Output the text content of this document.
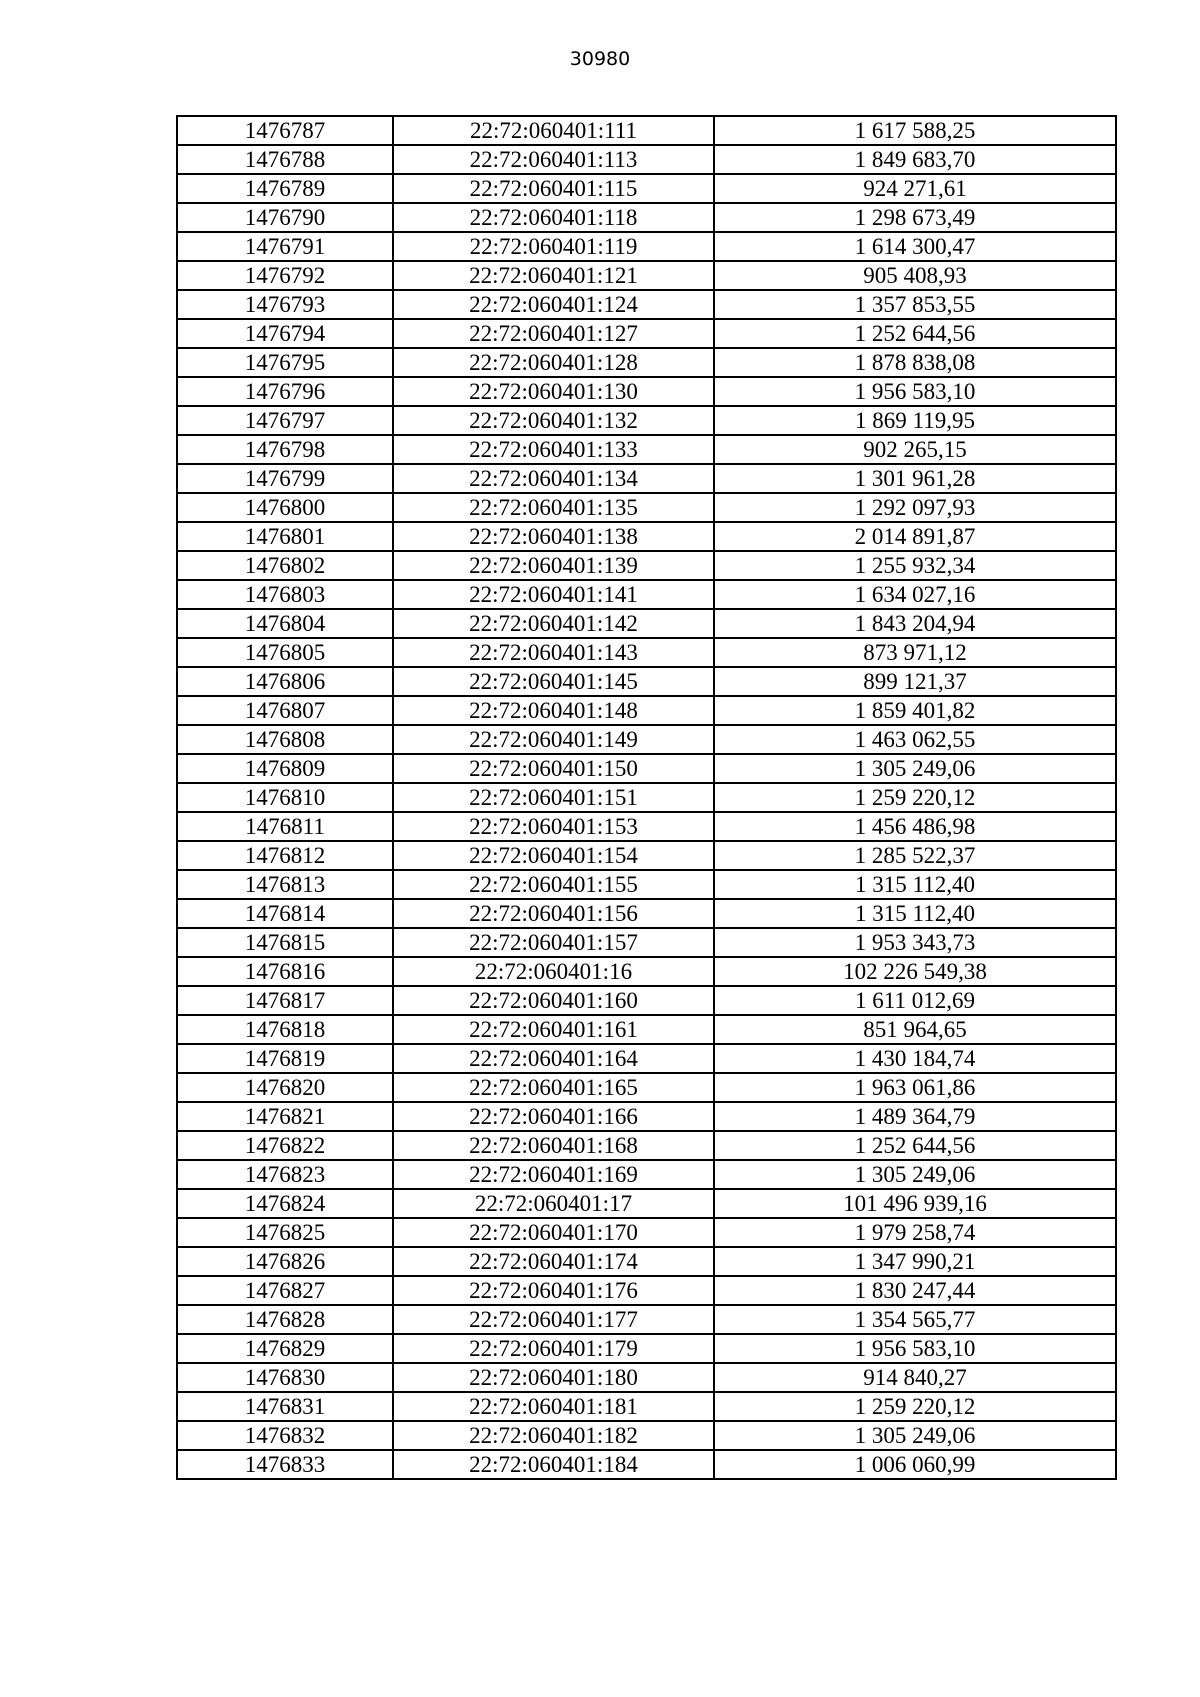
30980
1476787	22:72:060401:111	1 617 588,25
1476788	22:72:060401:113	1 849 683,70
1476789	22:72:060401:115	924 271,61
1476790	22:72:060401:118	1 298 673,49
1476791	22:72:060401:119	1 614 300,47
1476792	22:72:060401:121	905 408,93
1476793	22:72:060401:124	1 357 853,55
1476794	22:72:060401:127	1 252 644,56
1476795	22:72:060401:128	1 878 838,08
1476796	22:72:060401:130	1 956 583,10
1476797	22:72:060401:132	1 869 119,95
1476798	22:72:060401:133	902 265,15
1476799	22:72:060401:134	1 301 961,28
1476800	22:72:060401:135	1 292 097,93
1476801	22:72:060401:138	2 014 891,87
1476802	22:72:060401:139	1 255 932,34
1476803	22:72:060401:141	1 634 027,16
1476804	22:72:060401:142	1 843 204,94
1476805	22:72:060401:143	873 971,12
1476806	22:72:060401:145	899 121,37
1476807	22:72:060401:148	1 859 401,82
1476808	22:72:060401:149	1 463 062,55
1476809	22:72:060401:150	1 305 249,06
1476810	22:72:060401:151	1 259 220,12
1476811	22:72:060401:153	1 456 486,98
1476812	22:72:060401:154	1 285 522,37
1476813	22:72:060401:155	1 315 112,40
1476814	22:72:060401:156	1 315 112,40
1476815	22:72:060401:157	1 953 343,73
1476816	22:72:060401:16	102 226 549,38
1476817	22:72:060401:160	1 611 012,69
1476818	22:72:060401:161	851 964,65
1476819	22:72:060401:164	1 430 184,74
1476820	22:72:060401:165	1 963 061,86
1476821	22:72:060401:166	1 489 364,79
1476822	22:72:060401:168	1 252 644,56
1476823	22:72:060401:169	1 305 249,06
1476824	22:72:060401:17	101 496 939,16
1476825	22:72:060401:170	1 979 258,74
1476826	22:72:060401:174	1 347 990,21
1476827	22:72:060401:176	1 830 247,44
1476828	22:72:060401:177	1 354 565,77
1476829	22:72:060401:179	1 956 583,10
1476830	22:72:060401:180	914 840,27
1476831	22:72:060401:181	1 259 220,12
1476832	22:72:060401:182	1 305 249,06
1476833	22:72:060401:184	1 006 060,99
